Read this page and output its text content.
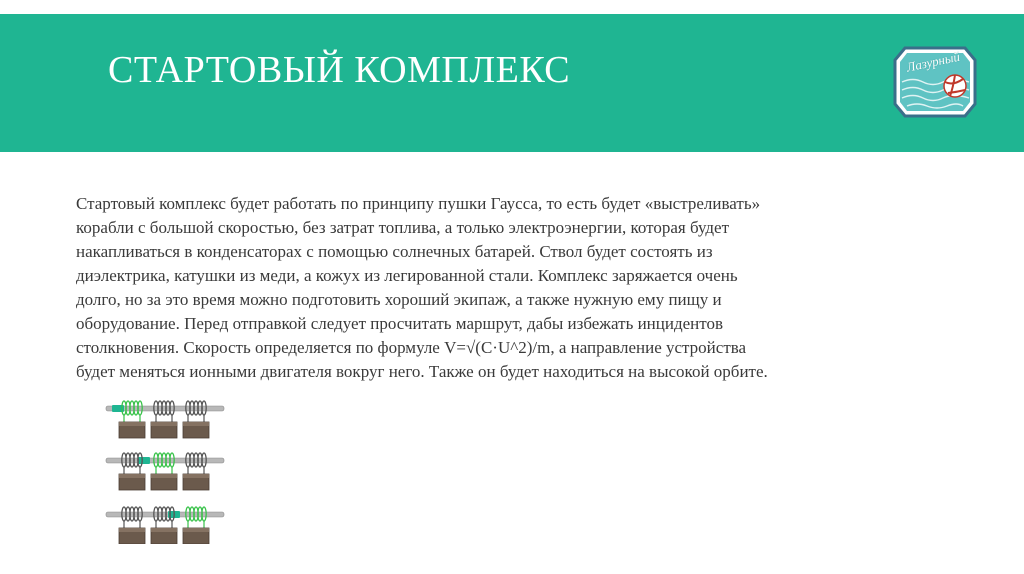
СТАРТОВЫЙ КОМПЛЕКС	Лазурный
Стартовый комплекс будет работать по принципу пушки Гаусса, то есть будет «выстреливать»
корабли с большой скоростью, без затрат топлива, а только электроэнергии, которая будет
накапливаться в конденсаторах с помощью солнечных батарей. Ствол будет состоять из
диэлектрика, катушки из меди, а кожух из легированной стали. Комплекс заряжается очень
долго, но за это время можно подготовить хороший экипаж, а также нужную ему пищу и
оборудование. Перед отправкой следует просчитать маршрут, дабы избежать инцидентов
столкновения. Скорость определяется по формуле V=√(C·U^2)/m, а направление устройства
будет меняться ионными двигателя вокруг него. Также он будет находиться на высокой орбите.
